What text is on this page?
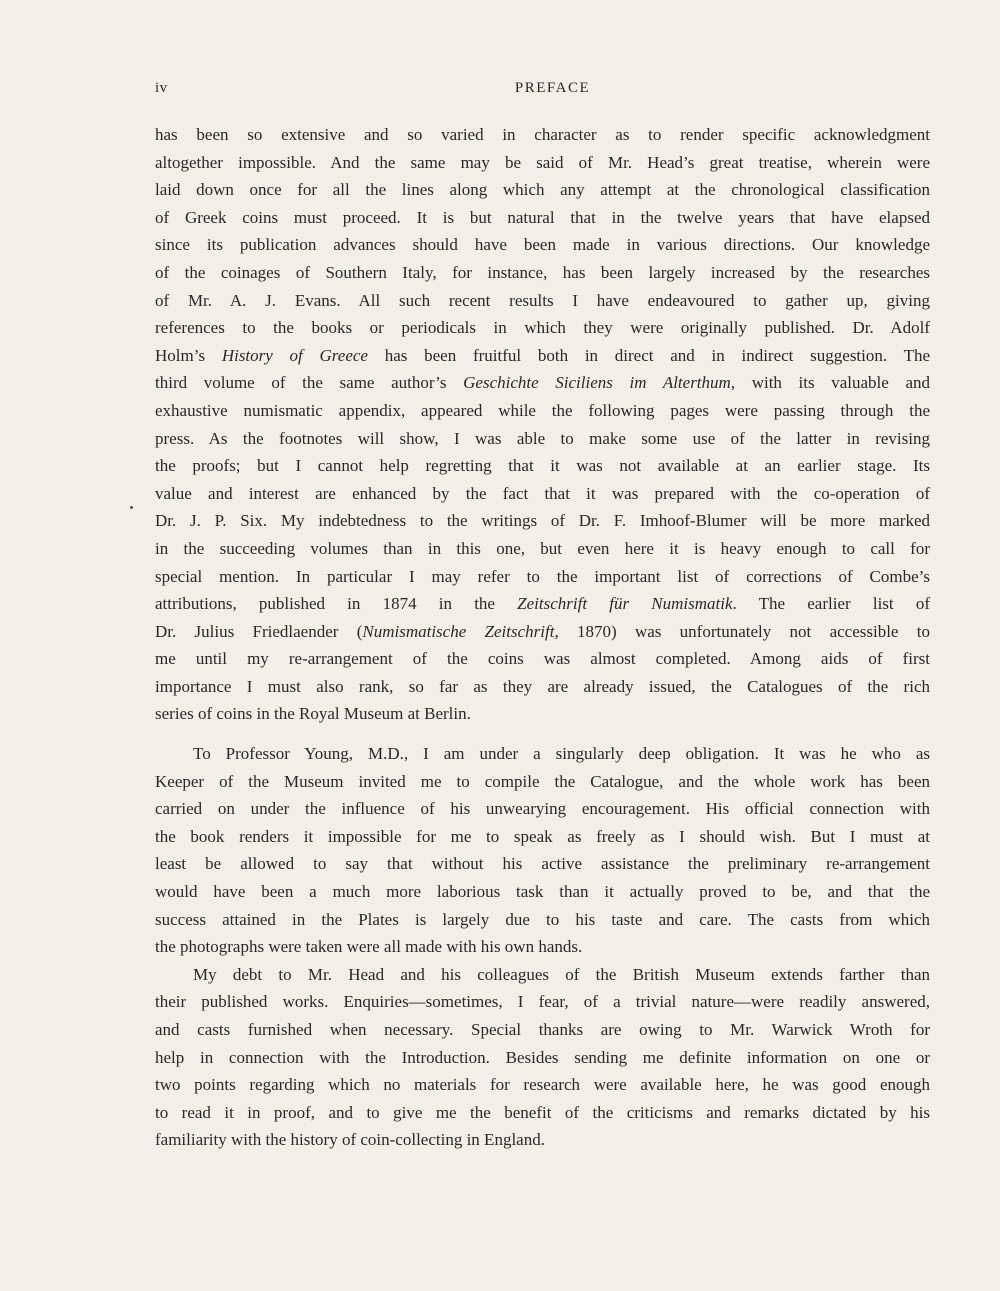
iv	PREFACE
has been so extensive and so varied in character as to render specific acknowledgment
altogether impossible. And the same may be said of Mr. Head’s great treatise, wherein were
laid down once for all the lines along which any attempt at the chronological classification
of Greek coins must proceed. It is but natural that in the twelve years that have elapsed
since its publication advances should have been made in various directions. Our knowledge
of the coinages of Southern Italy, for instance, has been largely increased by the researches
of Mr. A. J. Evans. All such recent results I have endeavoured to gather up, giving
references to the books or periodicals in which they were originally published. Dr. Adolf
Holm’s History of Greece has been fruitful both in direct and in indirect suggestion. The
third volume of the same author’s Geschichte Siciliens im Alterthum, with its valuable and
exhaustive numismatic appendix, appeared while the following pages were passing through the
press. As the footnotes will show, I was able to make some use of the latter in revising
the proofs; but I cannot help regretting that it was not available at an earlier stage. Its
value and interest are enhanced by the fact that it was prepared with the co-operation of
Dr. J. P. Six. My indebtedness to the writings of Dr. F. Imhoof-Blumer will be more marked
in the succeeding volumes than in this one, but even here it is heavy enough to call for
special mention. In particular I may refer to the important list of corrections of Combe’s
attributions, published in 1874 in the Zeitschrift für Numismatik. The earlier list of
Dr. Julius Friedlaender (Numismatische Zeitschrift, 1870) was unfortunately not accessible to
me until my re-arrangement of the coins was almost completed. Among aids of first
importance I must also rank, so far as they are already issued, the Catalogues of the rich
series of coins in the Royal Museum at Berlin.
To Professor Young, M.D., I am under a singularly deep obligation. It was he who as
Keeper of the Museum invited me to compile the Catalogue, and the whole work has been
carried on under the influence of his unwearying encouragement. His official connection with
the book renders it impossible for me to speak as freely as I should wish. But I must at
least be allowed to say that without his active assistance the preliminary re-arrangement
would have been a much more laborious task than it actually proved to be, and that the
success attained in the Plates is largely due to his taste and care. The casts from which
the photographs were taken were all made with his own hands.
My debt to Mr. Head and his colleagues of the British Museum extends farther than
their published works. Enquiries—sometimes, I fear, of a trivial nature—were readily answered,
and casts furnished when necessary. Special thanks are owing to Mr. Warwick Wroth for
help in connection with the Introduction. Besides sending me definite information on one or
two points regarding which no materials for research were available here, he was good enough
to read it in proof, and to give me the benefit of the criticisms and remarks dictated by his
familiarity with the history of coin-collecting in England.
